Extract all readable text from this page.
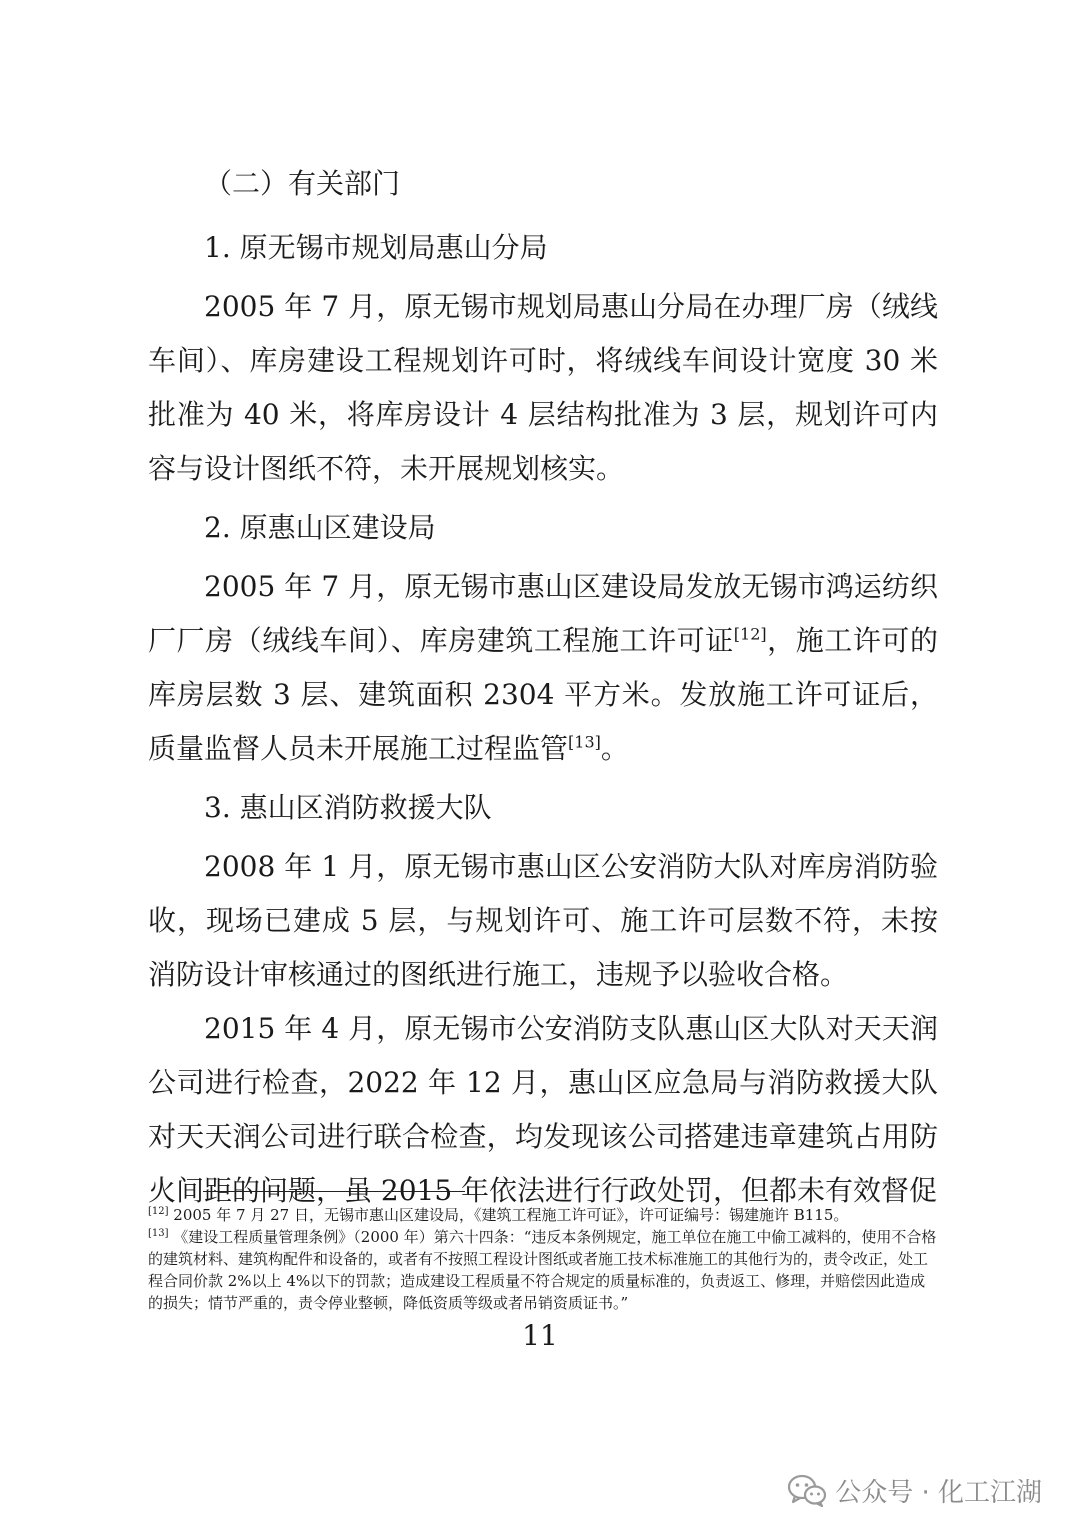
（二）有关部门
1. 原无锡市规划局惠山分局

2005 年 7 月，原无锡市规划局惠山分局在办理厂房（绒线车间）、库房建设工程规划许可时，将绒线车间设计宽度 30 米批准为 40 米，将库房设计 4 层结构批准为 3 层，规划许可内容与设计图纸不符，未开展规划核实。

2. 原惠山区建设局

2005 年 7 月，原无锡市惠山区建设局发放无锡市鸿运纺织厂厂房（绒线车间）、库房建筑工程施工许可证[12]，施工许可的库房层数 3 层、建筑面积 2304 平方米。发放施工许可证后，质量监督人员未开展施工过程监管[13]。

3. 惠山区消防救援大队

2008 年 1 月，原无锡市惠山区公安消防大队对库房消防验收，现场已建成 5 层，与规划许可、施工许可层数不符，未按消防设计审核通过的图纸进行施工，违规予以验收合格。

2015 年 4 月，原无锡市公安消防支队惠山区大队对天天润公司进行检查，2022 年 12 月，惠山区应急局与消防救援大队对天天润公司进行联合检查，均发现该公司搭建违章建筑占用防火间距的问题，虽 2015 年依法进行行政处罚，但都未有效督促

[12] 2005 年 7 月 27 日，无锡市惠山区建设局，《建筑工程施工许可证》，许可证编号：锡建施许 B115。

[13] 《建设工程质量管理条例》（2000 年）第六十四条：“违反本条例规定，施工单位在施工中偷工减料的，使用不合格的建筑材料、建筑构配件和设备的，或者有不按照工程设计图纸或者施工技术标准施工的其他行为的，责令改正，处工程合同价款 2%以上 4%以下的罚款；造成建设工程质量不符合规定的质量标准的，负责返工、修理，并赔偿因此造成的损失；情节严重的，责令停业整顿，降低资质等级或者吊销资质证书。”

11
公众号 · 化工江湖
